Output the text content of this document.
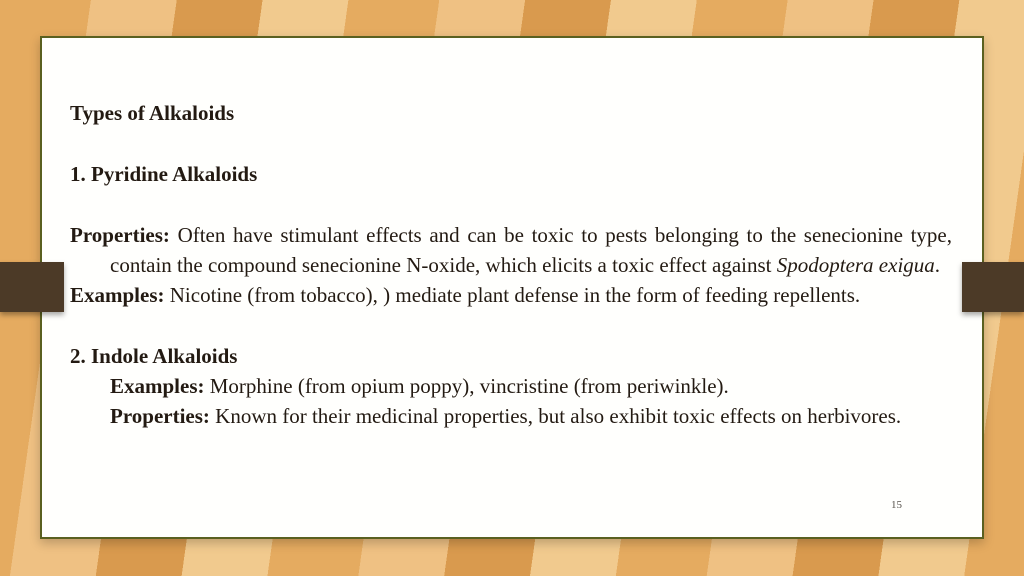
Types of Alkaloids
1. Pyridine Alkaloids
Properties: Often have stimulant effects and can be toxic to pests belonging to the senecionine type, contain the compound senecionine N-oxide, which elicits a toxic effect against Spodoptera exigua.
Examples: Nicotine (from tobacco), ) mediate plant defense in the form of feeding repellents.
2. Indole Alkaloids
Examples: Morphine (from opium poppy), vincristine (from periwinkle).
Properties: Known for their medicinal properties, but also exhibit toxic effects on herbivores.
15
